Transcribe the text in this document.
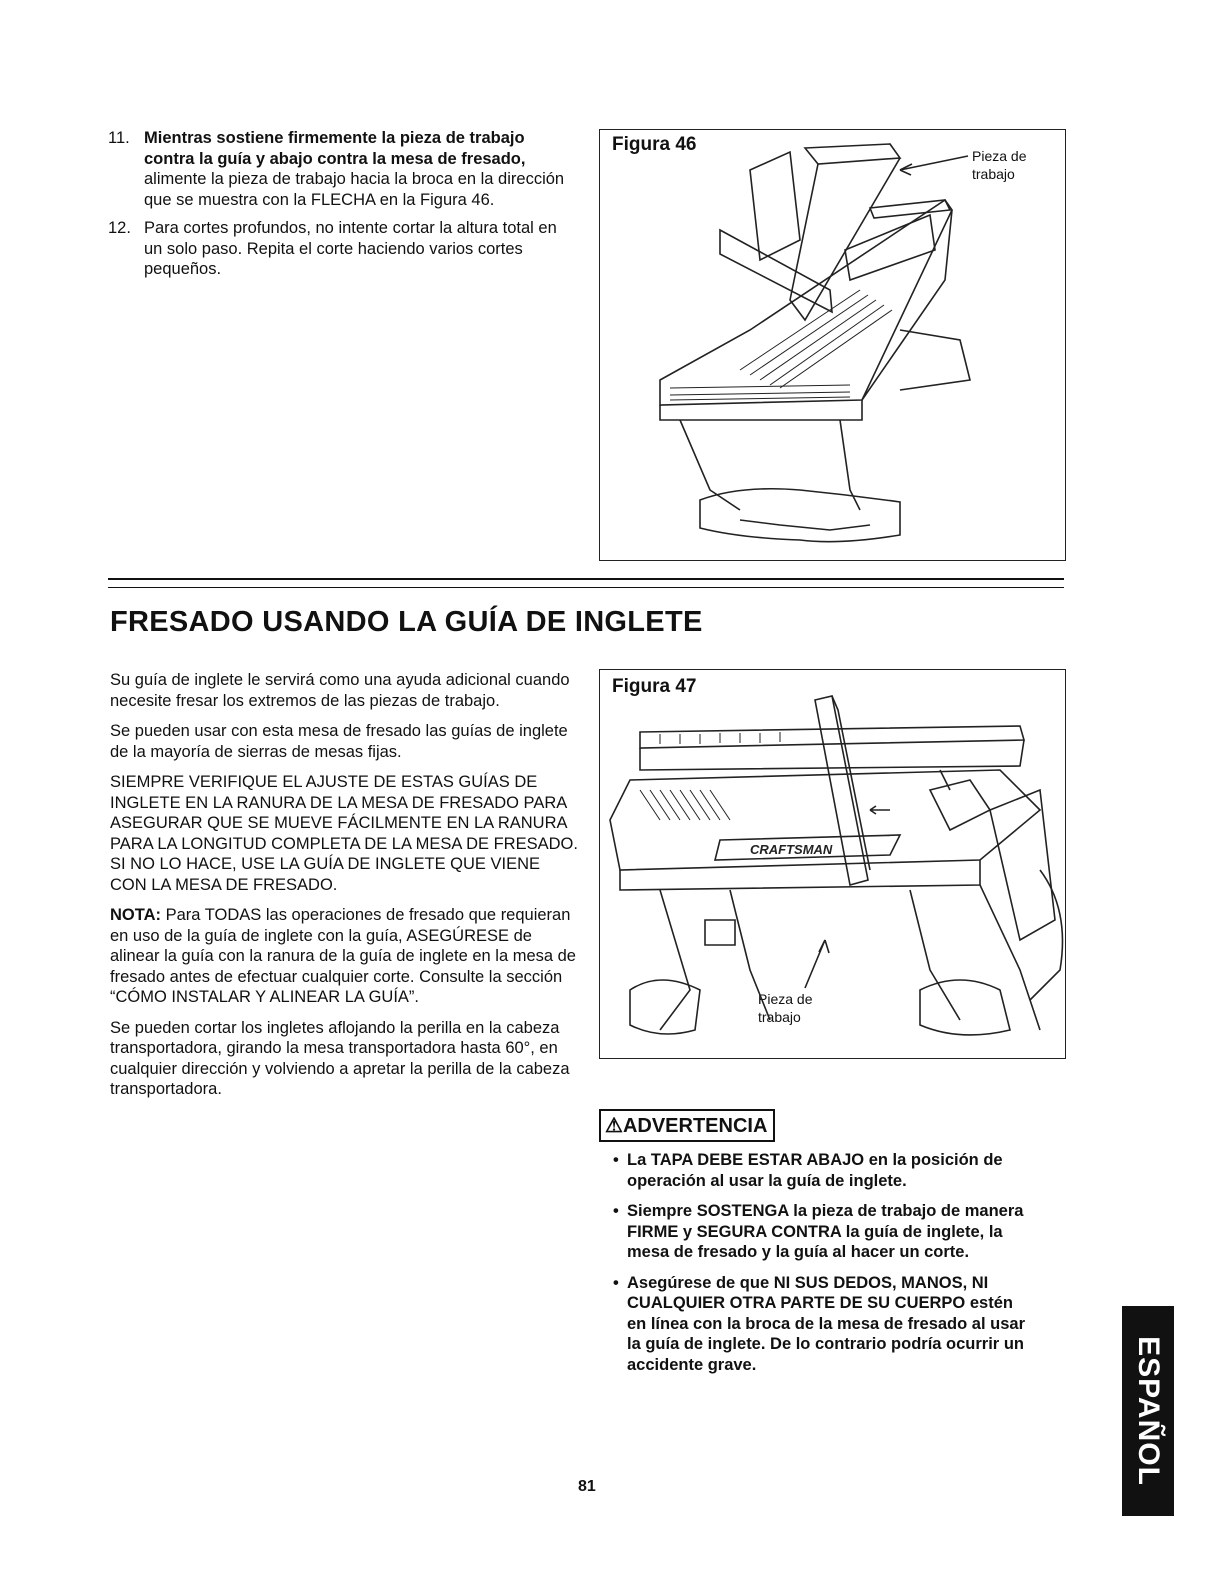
11. Mientras sostiene firmemente la pieza de trabajo contra la guía y abajo contra la mesa de fresado, alimente la pieza de trabajo hacia la broca en la dirección que se muestra con la FLECHA en la Figura 46.
12. Para cortes profundos, no intente cortar la altura total en un solo paso. Repita el corte haciendo varios cortes pequeños.
Figura 46
Pieza de
trabajo
FRESADO USANDO LA GUÍA DE INGLETE

Su guía de inglete le servirá como una ayuda adicional cuando necesite fresar los extremos de las piezas de trabajo.

Se pueden usar con esta mesa de fresado las guías de inglete de la mayoría de sierras de mesas fijas.

SIEMPRE VERIFIQUE EL AJUSTE DE ESTAS GUÍAS DE INGLETE EN LA RANURA DE LA MESA DE FRESADO PARA ASEGURAR QUE SE MUEVE FÁCILMENTE EN LA RANURA PARA LA LONGITUD COMPLETA DE LA MESA DE FRESADO. SI NO LO HACE, USE LA GUÍA DE INGLETE QUE VIENE CON LA MESA DE FRESADO.

NOTA: Para TODAS las operaciones de fresado que requieran en uso de la guía de inglete con la guía, ASEGÚRESE de alinear la guía con la ranura de la guía de inglete en la mesa de fresado antes de efectuar cualquier corte. Consulte la sección “CÓMO INSTALAR Y ALINEAR LA GUÍA”.

Se pueden cortar los ingletes aflojando la perilla en la cabeza transportadora, girando la mesa transportadora hasta 60°, en cualquier dirección y volviendo a apretar la perilla de la cabeza transportadora.

Figura 47
Pieza de
trabajo
CRAFTSMAN
⚠ADVERTENCIA
• La TAPA DEBE ESTAR ABAJO en la posición de operación al usar la guía de inglete.
• Siempre SOSTENGA la pieza de trabajo de manera FIRME y SEGURA CONTRA la guía de inglete, la mesa de fresado y la guía al hacer un corte.
• Asegúrese de que NI SUS DEDOS, MANOS, NI CUALQUIER OTRA PARTE DE SU CUERPO estén en línea con la broca de la mesa de fresado al usar la guía de inglete. De lo contrario podría ocurrir un accidente grave.
81
ESPAÑOL
